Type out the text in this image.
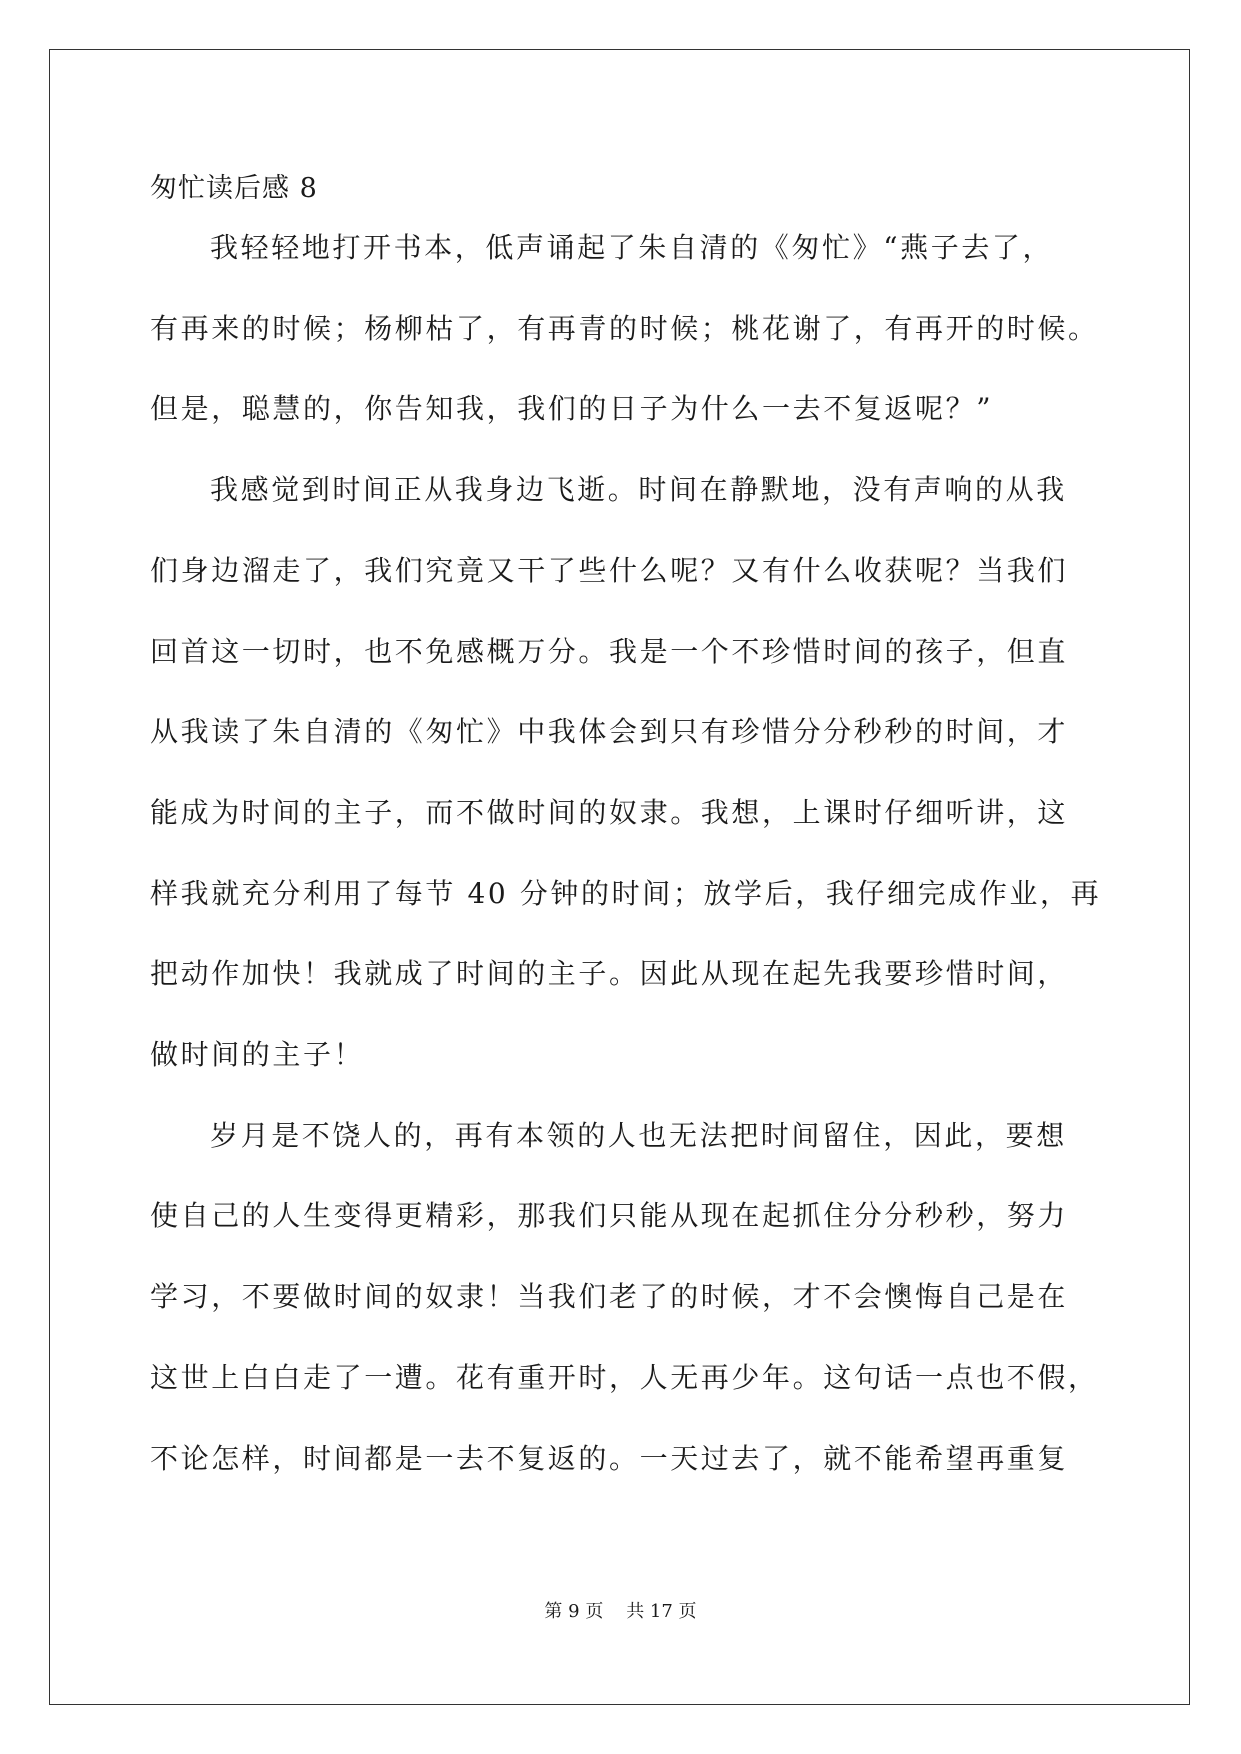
匆忙读后感 8
我轻轻地打开书本，低声诵起了朱自清的《匆忙》“燕子去了，
有再来的时候；杨柳枯了，有再青的时候；桃花谢了，有再开的时候。
但是，聪慧的，你告知我，我们的日子为什么一去不复返呢？”
我感觉到时间正从我身边飞逝。时间在静默地，没有声响的从我
们身边溜走了，我们究竟又干了些什么呢？又有什么收获呢？当我们
回首这一切时，也不免感概万分。我是一个不珍惜时间的孩子，但直
从我读了朱自清的《匆忙》中我体会到只有珍惜分分秒秒的时间，才
能成为时间的主子，而不做时间的奴隶。我想，上课时仔细听讲，这
样我就充分利用了每节 40 分钟的时间；放学后，我仔细完成作业，再
把动作加快！我就成了时间的主子。因此从现在起先我要珍惜时间，
做时间的主子！
岁月是不饶人的，再有本领的人也无法把时间留住，因此，要想
使自己的人生变得更精彩，那我们只能从现在起抓住分分秒秒，努力
学习，不要做时间的奴隶！当我们老了的时候，才不会懊悔自己是在
这世上白白走了一遭。花有重开时，人无再少年。这句话一点也不假，
不论怎样，时间都是一去不复返的。一天过去了，就不能希望再重复
第 9 页    共 17 页
